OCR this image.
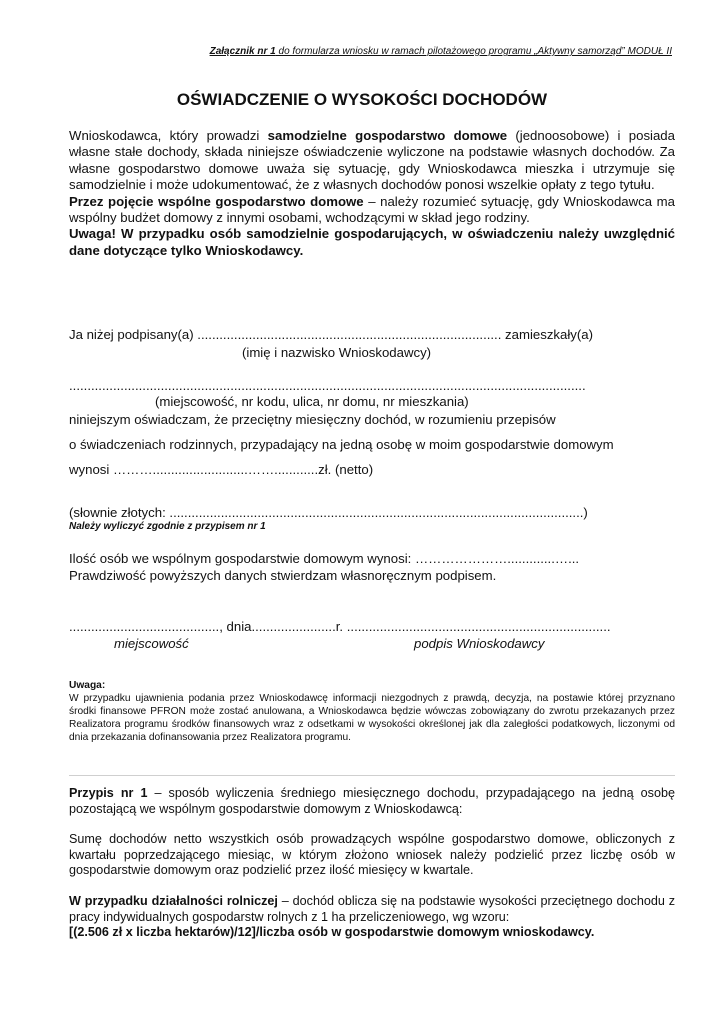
Załącznik nr 1 do formularza wniosku w ramach pilotażowego programu „Aktywny samorząd” MODUŁ II
OŚWIADCZENIE O WYSOKOŚCI DOCHODÓW

Wnioskodawca, który prowadzi samodzielne gospodarstwo domowe (jednoosobowe) i posiada własne stałe dochody, składa niniejsze oświadczenie wyliczone na podstawie własnych dochodów. Za własne gospodarstwo domowe uważa się sytuację, gdy Wnioskodawca mieszka i utrzymuje się samodzielnie i może udokumentować, że z własnych dochodów ponosi wszelkie opłaty z tego tytułu.

Przez pojęcie wspólne gospodarstwo domowe – należy rozumieć sytuację, gdy Wnioskodawca ma wspólny budżet domowy z innymi osobami, wchodzącymi w skład jego rodziny.

Uwaga! W przypadku osób samodzielnie gospodarujących, w oświadczeniu należy uwzględnić dane dotyczące tylko Wnioskodawcy.

Ja niżej podpisany(a) ................................................................................... zamieszkały(a)
(imię i nazwisko Wnioskodawcy)
.............................................................................................................................................
(miejscowość, nr kodu, ulica, nr domu, nr mieszkania)
niniejszym oświadczam, że przeciętny miesięczny dochód, w rozumieniu przepisów
o świadczeniach rodzinnych, przypadający na jedną osobę w moim gospodarstwie domowym
wynosi ………..........................……............zł. (netto)
(słownie złotych: .................................................................................................................)
Należy wyliczyć zgodnie z przypisem nr 1
Ilość osób we wspólnym gospodarstwie domowym wynosi: ………………….............…...
Prawdziwość powyższych danych stwierdzam własnoręcznym podpisem.
........................................., dnia.......................r. ........................................................................
miejscowość	podpis Wnioskodawcy
Uwaga:
W przypadku ujawnienia podania przez Wnioskodawcę informacji niezgodnych z prawdą, decyzja, na postawie której przyznano środki finansowe PFRON może zostać anulowana, a Wnioskodawca będzie wówczas zobowiązany do zwrotu przekazanych przez Realizatora programu środków finansowych wraz z odsetkami w wysokości określonej jak dla zaległości podatkowych, liczonymi od dnia przekazania dofinansowania przez Realizatora programu.

Przypis nr 1 – sposób wyliczenia średniego miesięcznego dochodu, przypadającego na jedną osobę pozostającą we wspólnym gospodarstwie domowym z Wnioskodawcą:

Sumę dochodów netto wszystkich osób prowadzących wspólne gospodarstwo domowe, obliczonych z kwartału poprzedzającego miesiąc, w którym złożono wniosek należy podzielić przez liczbę osób w gospodarstwie domowym oraz podzielić przez ilość miesięcy w kwartale.

W przypadku działalności rolniczej – dochód oblicza się na podstawie wysokości przeciętnego dochodu z pracy indywidualnych gospodarstw rolnych z 1 ha przeliczeniowego, wg wzoru:
[(2.506 zł x liczba hektarów)/12]/liczba osób w gospodarstwie domowym wnioskodawcy.
